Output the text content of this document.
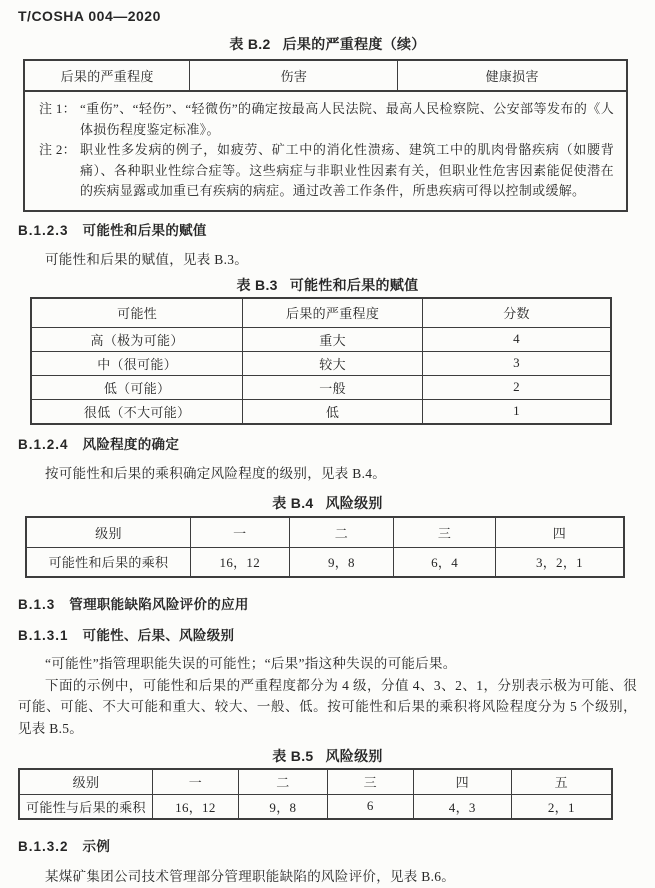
T/COSHA 004—2020
表 B.2 后果的严重程度（续）
后果的严重程度	伤害	健康损害

注 1： “重伤”、“轻伤”、“轻微伤”的确定按最高人民法院、最高人民检察院、公安部等发布的《人体损伤程度鉴定标准》。
注 2： 职业性多发病的例子，如疲劳、矿工中的消化性溃疡、建筑工中的肌肉骨骼疾病（如腰背痛）、各种职业性综合症等。这些病症与非职业性因素有关，但职业性危害因素能促使潜在的疾病显露或加重已有疾病的病症。通过改善工作条件，所患疾病可得以控制或缓解。
B.1.2.3 可能性和后果的赋值
可能性和后果的赋值，见表 B.3。
表 B.3 可能性和后果的赋值
可能性	后果的严重程度	分数
高（极为可能）	重大	4
中（很可能）	较大	3
低（可能）	一般	2
很低（不大可能）	低	1
B.1.2.4 风险程度的确定
按可能性和后果的乘积确定风险程度的级别，见表 B.4。
表 B.4 风险级别
级别	一	二	三	四
可能性和后果的乘积	16，12	9，8	6，4	3，2，1
B.1.3 管理职能缺陷风险评价的应用
B.1.3.1 可能性、后果、风险级别
“可能性”指管理职能失误的可能性；“后果”指这种失误的可能后果。
下面的示例中，可能性和后果的严重程度都分为 4 级，分值 4、3、2、1，分别表示极为可能、很可能、可能、不大可能和重大、较大、一般、低。按可能性和后果的乘积将风险程度分为 5 个级别，见表 B.5。
表 B.5 风险级别
级别	一	二	三	四	五
可能性与后果的乘积	16，12	9，8	6	4，3	2，1
B.1.3.2 示例
某煤矿集团公司技术管理部分管理职能缺陷的风险评价，见表 B.6。
